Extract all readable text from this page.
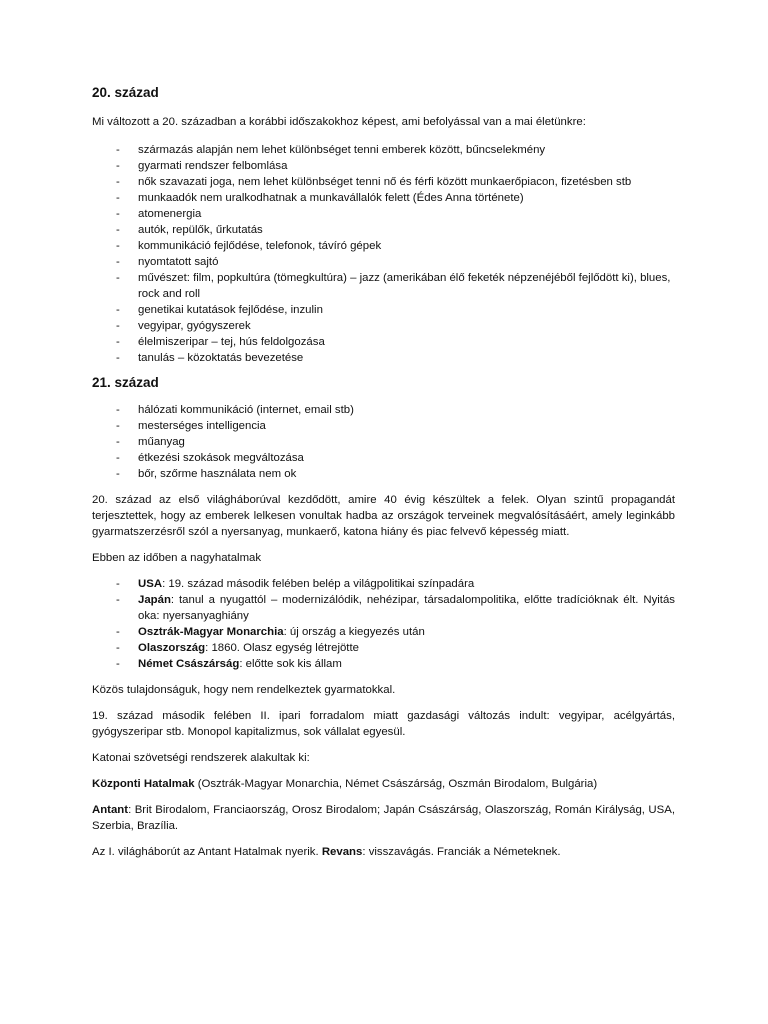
20. század

Mi változott a 20. században a korábbi időszakokhoz képest, ami befolyással van a mai életünkre:

- származás alapján nem lehet különbséget tenni emberek között, bűncselekmény
- gyarmati rendszer felbomlása
- nők szavazati joga, nem lehet különbséget tenni nő és férfi között munkaerőpiacon, fizetésben stb
- munkaadók nem uralkodhatnak a munkavállalók felett (Édes Anna története)
- atomenergia
- autók, repülők, űrkutatás
- kommunikáció fejlődése, telefonok, távíró gépek
- nyomtatott sajtó
- művészet: film, popkultúra (tömegkultúra) – jazz (amerikában élő feketék népzenéjéből fejlődött ki), blues, rock and roll
- genetikai kutatások fejlődése, inzulin
- vegyipar, gyógyszerek
- élelmiszeripar – tej, hús feldolgozása
- tanulás – közoktatás bevezetése
21. század
- hálózati kommunikáció (internet, email stb)
- mesterséges intelligencia
- műanyag
- étkezési szokások megváltozása
- bőr, szőrme használata nem ok

20. század az első világháborúval kezdődött, amire 40 évig készültek a felek. Olyan szintű propagandát terjesztettek, hogy az emberek lelkesen vonultak hadba az országok terveinek megvalósításáért, amely leginkább gyarmatszerzésről szól a nyersanyag, munkaerő, katona hiány és piac felvevő képesség miatt.

Ebben az időben a nagyhatalmak

- USA: 19. század második felében belép a világpolitikai színpadára
- Japán: tanul a nyugattól – modernizálódik, nehézipar, társadalompolitika, előtte tradícióknak élt. Nyitás oka: nyersanyaghiány
- Osztrák-Magyar Monarchia: új ország a kiegyezés után
- Olaszország: 1860. Olasz egység létrejötte
- Német Császárság: előtte sok kis állam

Közös tulajdonságuk, hogy nem rendelkeztek gyarmatokkal.

19. század második felében II. ipari forradalom miatt gazdasági változás indult: vegyipar, acélgyártás, gyógyszeripar stb. Monopol kapitalizmus, sok vállalat egyesül.

Katonai szövetségi rendszerek alakultak ki:

Központi Hatalmak (Osztrák-Magyar Monarchia, Német Császárság, Oszmán Birodalom, Bulgária)

Antant: Brit Birodalom, Franciaország, Orosz Birodalom; Japán Császárság, Olaszország, Román Királyság, USA, Szerbia, Brazília.

Az I. világháborút az Antant Hatalmak nyerik. Revans: visszavágás. Franciák a Németeknek.
